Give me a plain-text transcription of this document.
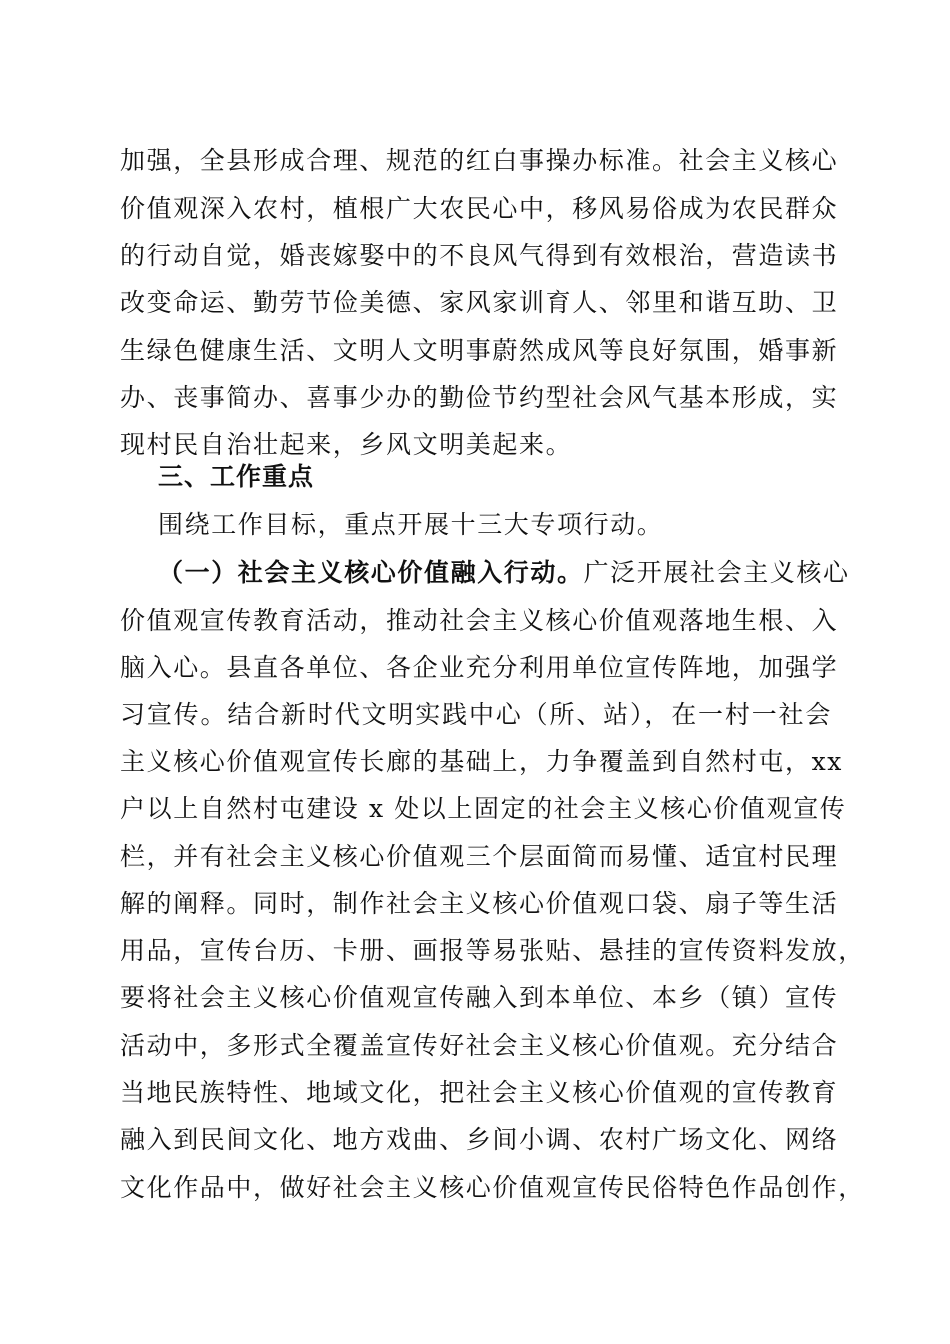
加强，全县形成合理、规范的红白事操办标准。社会主义核心
价值观深入农村，植根广大农民心中，移风易俗成为农民群众
的行动自觉，婚丧嫁娶中的不良风气得到有效根治，营造读书
改变命运、勤劳节俭美德、家风家训育人、邻里和谐互助、卫
生绿色健康生活、文明人文明事蔚然成风等良好氛围，婚事新
办、丧事简办、喜事少办的勤俭节约型社会风气基本形成，实
现村民自治壮起来，乡风文明美起来。
三、工作重点
围绕工作目标，重点开展十三大专项行动。
（一）社会主义核心价值融入行动。广泛开展社会主义核心
价值观宣传教育活动，推动社会主义核心价值观落地生根、入
脑入心。县直各单位、各企业充分利用单位宣传阵地，加强学
习宣传。结合新时代文明实践中心（所、站），在一村一社会
主义核心价值观宣传长廊的基础上，力争覆盖到自然村屯，xx
户以上自然村屯建设 x 处以上固定的社会主义核心价值观宣传
栏，并有社会主义核心价值观三个层面简而易懂、适宜村民理
解的阐释。同时，制作社会主义核心价值观口袋、扇子等生活
用品，宣传台历、卡册、画报等易张贴、悬挂的宣传资料发放，
要将社会主义核心价值观宣传融入到本单位、本乡（镇）宣传
活动中，多形式全覆盖宣传好社会主义核心价值观。充分结合
当地民族特性、地域文化，把社会主义核心价值观的宣传教育
融入到民间文化、地方戏曲、乡间小调、农村广场文化、网络
文化作品中，做好社会主义核心价值观宣传民俗特色作品创作，
